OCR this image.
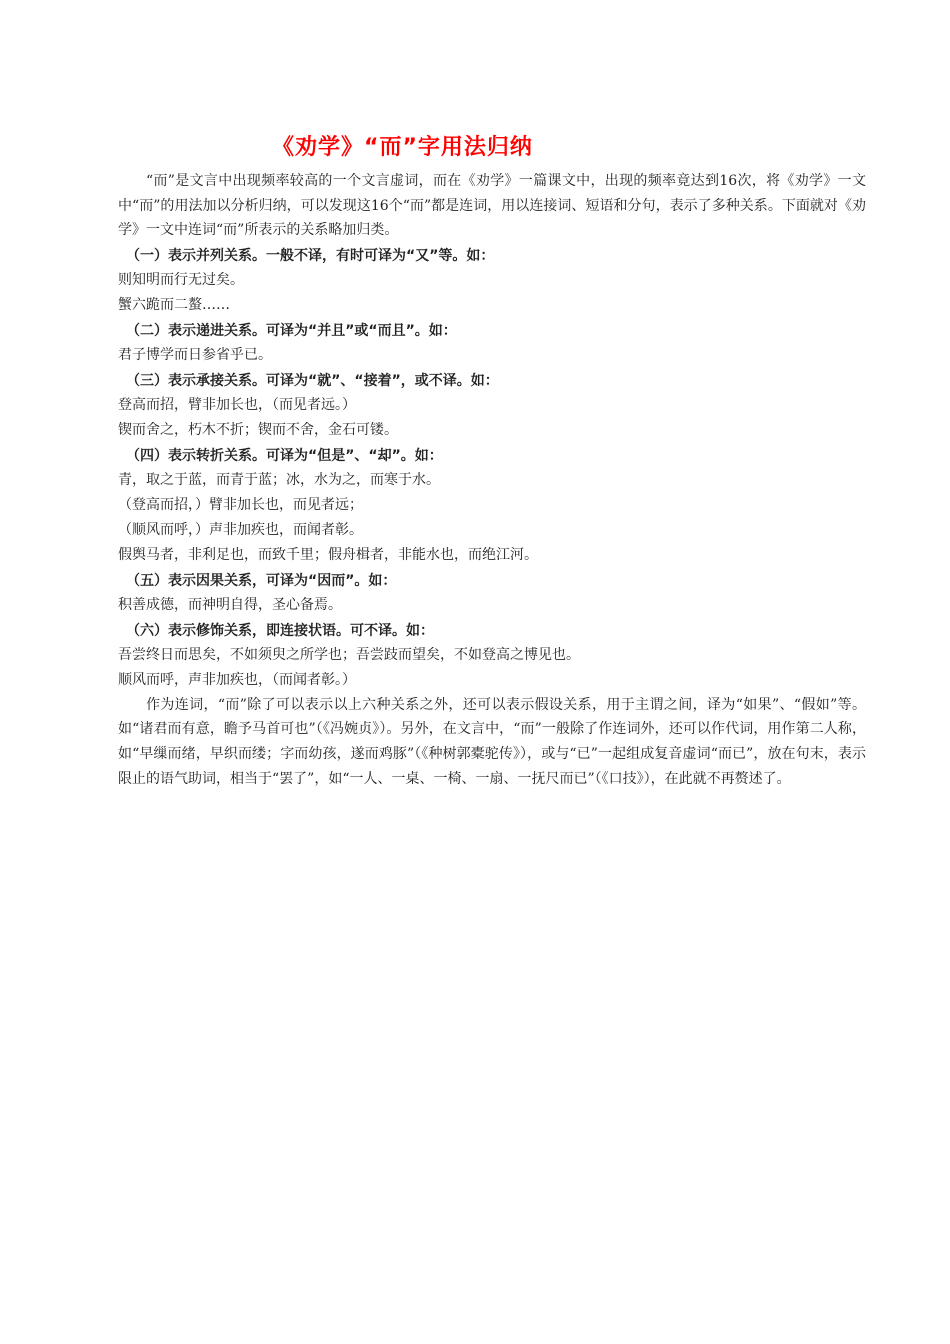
《劝学》“而”字用法归纳

“而”是文言中出现频率较高的一个文言虚词，而在《劝学》一篇课文中，出现的频率竟达到16次，将《劝学》一文中“而”的用法加以分析归纳，可以发现这16个“而”都是连词，用以连接词、短语和分句，表示了多种关系。下面就对《劝学》一文中连词“而”所表示的关系略加归类。

（一）表示并列关系。一般不译，有时可译为“又”等。如：

则知明而行无过矣。

蟹六跪而二螯……

（二）表示递进关系。可译为“并且”或“而且”。如：

君子博学而日参省乎已。

（三）表示承接关系。可译为“就”、“接着”，或不译。如：

登高而招，臂非加长也，（而见者远。）

锲而舍之，朽木不折；锲而不舍，金石可镂。

（四）表示转折关系。可译为“但是”、“却”。如：

青，取之于蓝，而青于蓝；冰，水为之，而寒于水。

（登高而招，）臂非加长也，而见者远；

（顺风而呼，）声非加疾也，而闻者彰。

假舆马者，非利足也，而致千里；假舟楫者，非能水也，而绝江河。

（五）表示因果关系，可译为“因而”。如：

积善成德，而神明自得，圣心备焉。

（六）表示修饰关系，即连接状语。可不译。如：

吾尝终日而思矣，不如须臾之所学也；吾尝跂而望矣，不如登高之博见也。

顺风而呼，声非加疾也，（而闻者彰。）

作为连词，“而”除了可以表示以上六种关系之外，还可以表示假设关系，用于主谓之间，译为“如果”、“假如”等。如“诸君而有意，瞻予马首可也”（《冯婉贞》）。另外，在文言中，“而”一般除了作连词外，还可以作代词，用作第二人称，如“早缫而绪，早织而缕；字而幼孩，遂而鸡豚”（《种树郭橐驼传》），或与“已”一起组成复音虚词“而已”，放在句末，表示限止的语气助词，相当于“罢了”，如“一人、一桌、一椅、一扇、一抚尺而已”（《口技》），在此就不再赘述了。
